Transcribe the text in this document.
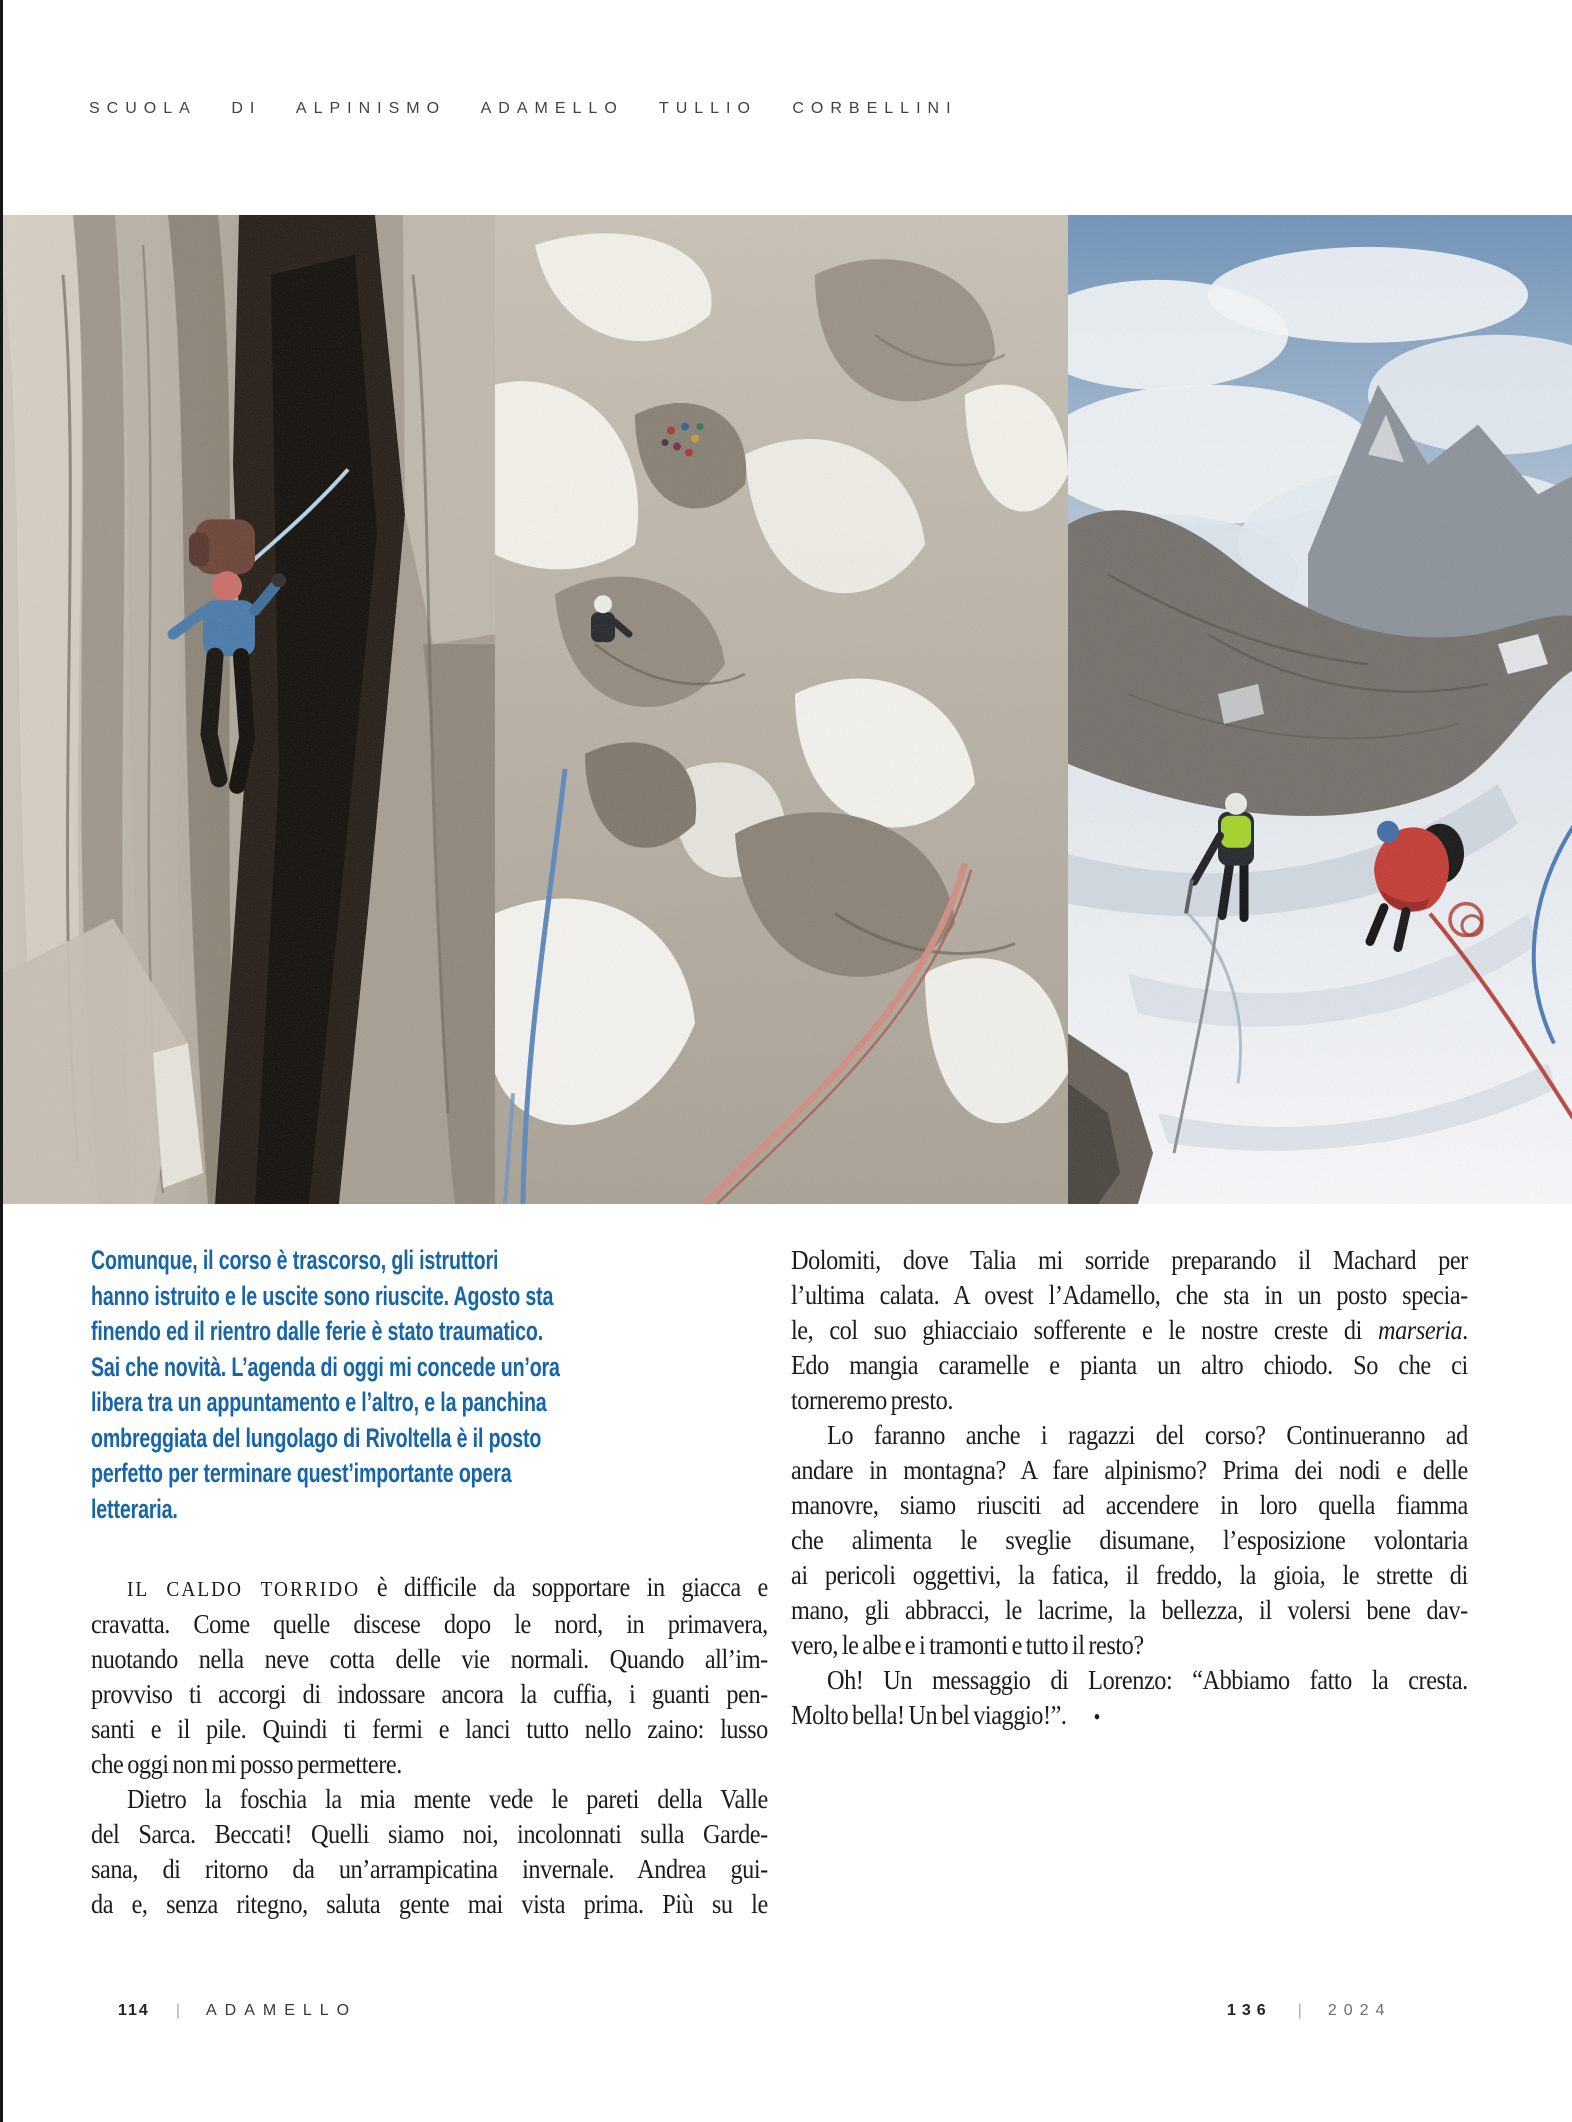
SCUOLA DI ALPINISMO ADAMELLO TULLIO CORBELLINI
Comunque, il corso è trascorso, gli istruttori
hanno istruito e le uscite sono riuscite. Agosto sta
finendo ed il rientro dalle ferie è stato traumatico.
Sai che novità. L’agenda di oggi mi concede un’ora
libera tra un appuntamento e l’altro, e la panchina
ombreggiata del lungolago di Rivoltella è il posto
perfetto per terminare quest’importante opera
letteraria.
IL CALDO TORRIDO è difficile da sopportare in giacca e
cravatta. Come quelle discese dopo le nord, in primavera,
nuotando nella neve cotta delle vie normali. Quando all’im-
provviso ti accorgi di indossare ancora la cuffia, i guanti pen-
santi e il pile. Quindi ti fermi e lanci tutto nello zaino: lusso
che oggi non mi posso permettere.
Dietro la foschia la mia mente vede le pareti della Valle
del Sarca. Beccati! Quelli siamo noi, incolonnati sulla Garde-
sana, di ritorno da un’arrampicatina invernale. Andrea gui-
da e, senza ritegno, saluta gente mai vista prima. Più su le
Dolomiti, dove Talia mi sorride preparando il Machard per
l’ultima calata. A ovest l’Adamello, che sta in un posto specia-
le, col suo ghiacciaio sofferente e le nostre creste di marseria.
Edo mangia caramelle e pianta un altro chiodo. So che ci
torneremo presto.
Lo faranno anche i ragazzi del corso? Continueranno ad
andare in montagna? A fare alpinismo? Prima dei nodi e delle
manovre, siamo riusciti ad accendere in loro quella fiamma
che alimenta le sveglie disumane, l’esposizione volontaria
ai pericoli oggettivi, la fatica, il freddo, la gioia, le strette di
mano, gli abbracci, le lacrime, la bellezza, il volersi bene dav-
vero, le albe e i tramonti e tutto il resto?
Oh! Un messaggio di Lorenzo: “Abbiamo fatto la cresta.
Molto bella! Un bel viaggio!”. •
114 | ADAMELLO	136 | 2024
